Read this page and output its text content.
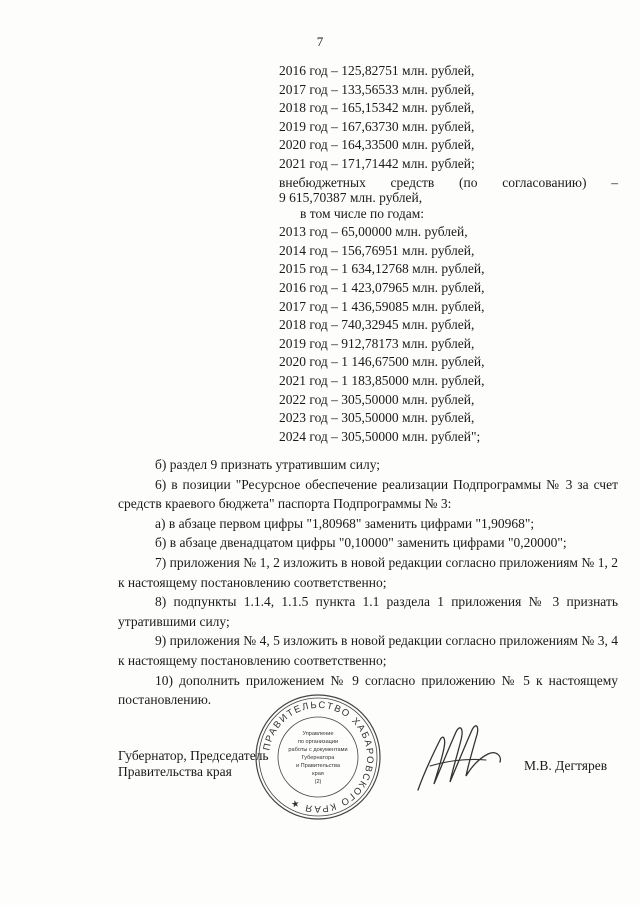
7
2016 год – 125,82751 млн. рублей,
2017 год – 133,56533 млн. рублей,
2018 год – 165,15342 млн. рублей,
2019 год – 167,63730 млн. рублей,
2020 год – 164,33500 млн. рублей,
2021 год – 171,71442 млн. рублей;
внебюджетных средств (по согласованию) –
9 615,70387 млн. рублей,
в том числе по годам:
2013 год – 65,00000 млн. рублей,
2014 год – 156,76951 млн. рублей,
2015 год – 1 634,12768 млн. рублей,
2016 год – 1 423,07965 млн. рублей,
2017 год – 1 436,59085 млн. рублей,
2018 год – 740,32945 млн. рублей,
2019 год – 912,78173 млн. рублей,
2020 год – 1 146,67500 млн. рублей,
2021 год – 1 183,85000 млн. рублей,
2022 год – 305,50000 млн. рублей,
2023 год – 305,50000 млн. рублей,
2024 год – 305,50000 млн. рублей";
б) раздел 9 признать утратившим силу;
6) в позиции "Ресурсное обеспечение реализации Подпрограммы № 3 за счет средств краевого бюджета" паспорта Подпрограммы № 3:
а) в абзаце первом цифры "1,80968" заменить цифрами "1,90968";
б) в абзаце двенадцатом цифры "0,10000" заменить цифрами "0,20000";
7) приложения № 1, 2 изложить в новой редакции согласно приложениям № 1, 2 к настоящему постановлению соответственно;
8) подпункты 1.1.4, 1.1.5 пункта 1.1 раздела 1 приложения № 3 признать утратившими силу;
9) приложения № 4, 5 изложить в новой редакции согласно приложениям № 3, 4 к настоящему постановлению соответственно;
10) дополнить приложением № 9 согласно приложению № 5 к настоящему постановлению.
ПРАВИТЕЛЬСТВО ХАБАРОВСКОГО КРАЯ ★
Управление
по организации
работы с документами
Губернатора
и Правительства
края
(2)
Губернатор, Председатель
Правительства края	М.В. Дегтярев
